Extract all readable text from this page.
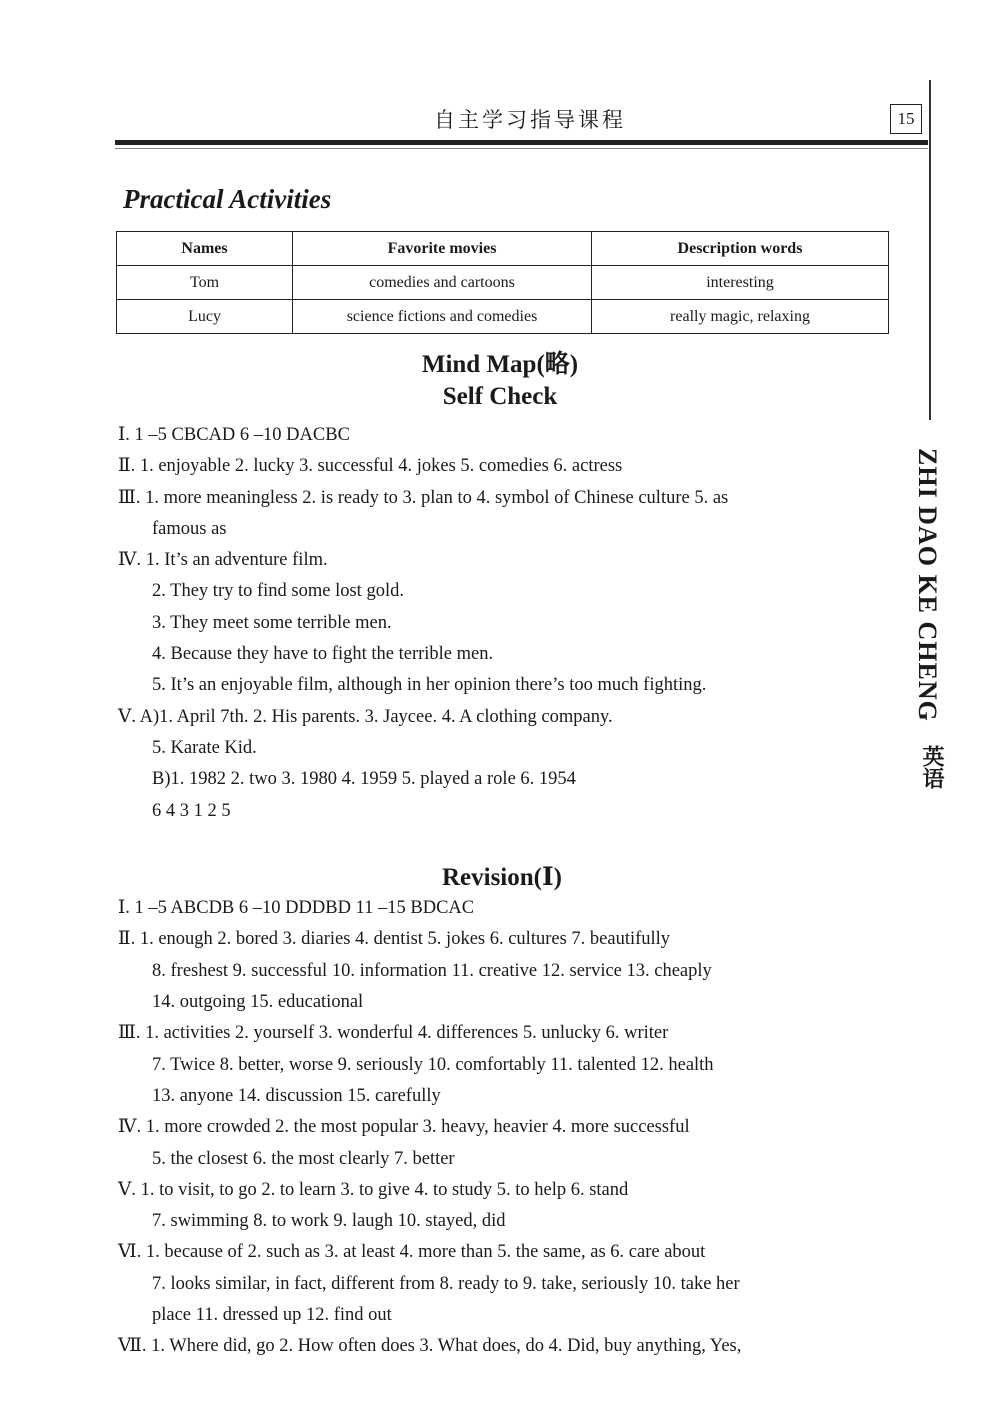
自主学习指导课程	15
ZHI DAO KE CHENG
英语
Practical Activities
Names	Favorite movies	Description words
Tom	comedies and cartoons	interesting
Lucy	science fictions and comedies	really magic, relaxing
Mind Map(略)
Self Check
Ⅰ. 1 –5 CBCAD 6 –10 DACBC
Ⅱ. 1. enjoyable 2. lucky 3. successful 4. jokes 5. comedies 6. actress
Ⅲ. 1. more meaningless 2. is ready to 3. plan to 4. symbol of Chinese culture 5. as
famous as
Ⅳ. 1. It’s an adventure film.
2. They try to find some lost gold.
3. They meet some terrible men.
4. Because they have to fight the terrible men.
5. It’s an enjoyable film, although in her opinion there’s too much fighting.
Ⅴ. A)1. April 7th. 2. His parents. 3. Jaycee. 4. A clothing company.
5. Karate Kid.
B)1. 1982 2. two 3. 1980 4. 1959 5. played a role 6. 1954
6 4 3 1 2 5
Revision(Ⅰ)
Ⅰ. 1 –5 ABCDB 6 –10 DDDBD 11 –15 BDCAC
Ⅱ. 1. enough 2. bored 3. diaries 4. dentist 5. jokes 6. cultures 7. beautifully
8. freshest 9. successful 10. information 11. creative 12. service 13. cheaply
14. outgoing 15. educational
Ⅲ. 1. activities 2. yourself 3. wonderful 4. differences 5. unlucky 6. writer
7. Twice 8. better, worse 9. seriously 10. comfortably 11. talented 12. health
13. anyone 14. discussion 15. carefully
Ⅳ. 1. more crowded 2. the most popular 3. heavy, heavier 4. more successful
5. the closest 6. the most clearly 7. better
Ⅴ. 1. to visit, to go 2. to learn 3. to give 4. to study 5. to help 6. stand
7. swimming 8. to work 9. laugh 10. stayed, did
Ⅵ. 1. because of 2. such as 3. at least 4. more than 5. the same, as 6. care about
7. looks similar, in fact, different from 8. ready to 9. take, seriously 10. take her
place 11. dressed up 12. find out
Ⅶ. 1. Where did, go 2. How often does 3. What does, do 4. Did, buy anything, Yes,
